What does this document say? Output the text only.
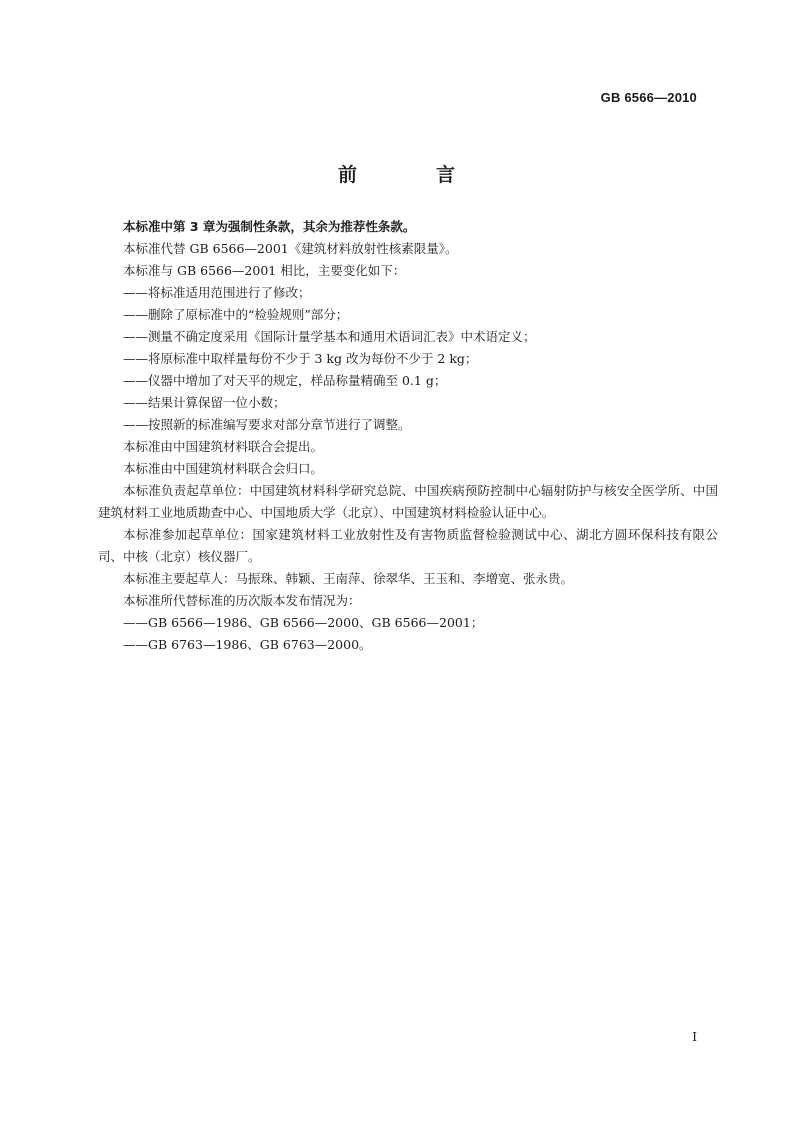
GB 6566—2010
前　言

本标准中第 3 章为强制性条款，其余为推荐性条款。

本标准代替 GB 6566—2001《建筑材料放射性核素限量》。

本标准与 GB 6566—2001 相比，主要变化如下：

——将标准适用范围进行了修改；

——删除了原标准中的“检验规则”部分；

——测量不确定度采用《国际计量学基本和通用术语词汇表》中术语定义；

——将原标准中取样量每份不少于 3 kg 改为每份不少于 2 kg；

——仪器中增加了对天平的规定，样品称量精确至 0.1 g；

——结果计算保留一位小数；

——按照新的标准编写要求对部分章节进行了调整。

本标准由中国建筑材料联合会提出。

本标准由中国建筑材料联合会归口。

本标准负责起草单位：中国建筑材料科学研究总院、中国疾病预防控制中心辐射防护与核安全医学所、中国建筑材料工业地质勘查中心、中国地质大学（北京）、中国建筑材料检验认证中心。

本标准参加起草单位：国家建筑材料工业放射性及有害物质监督检验测试中心、湖北方圆环保科技有限公司、中核（北京）核仪器厂。

本标准主要起草人：马振珠、韩颖、王南萍、徐翠华、王玉和、李增宽、张永贵。

本标准所代替标准的历次版本发布情况为：

——GB 6566—1986、GB 6566—2000、GB 6566—2001；

——GB 6763—1986、GB 6763—2000。

I
